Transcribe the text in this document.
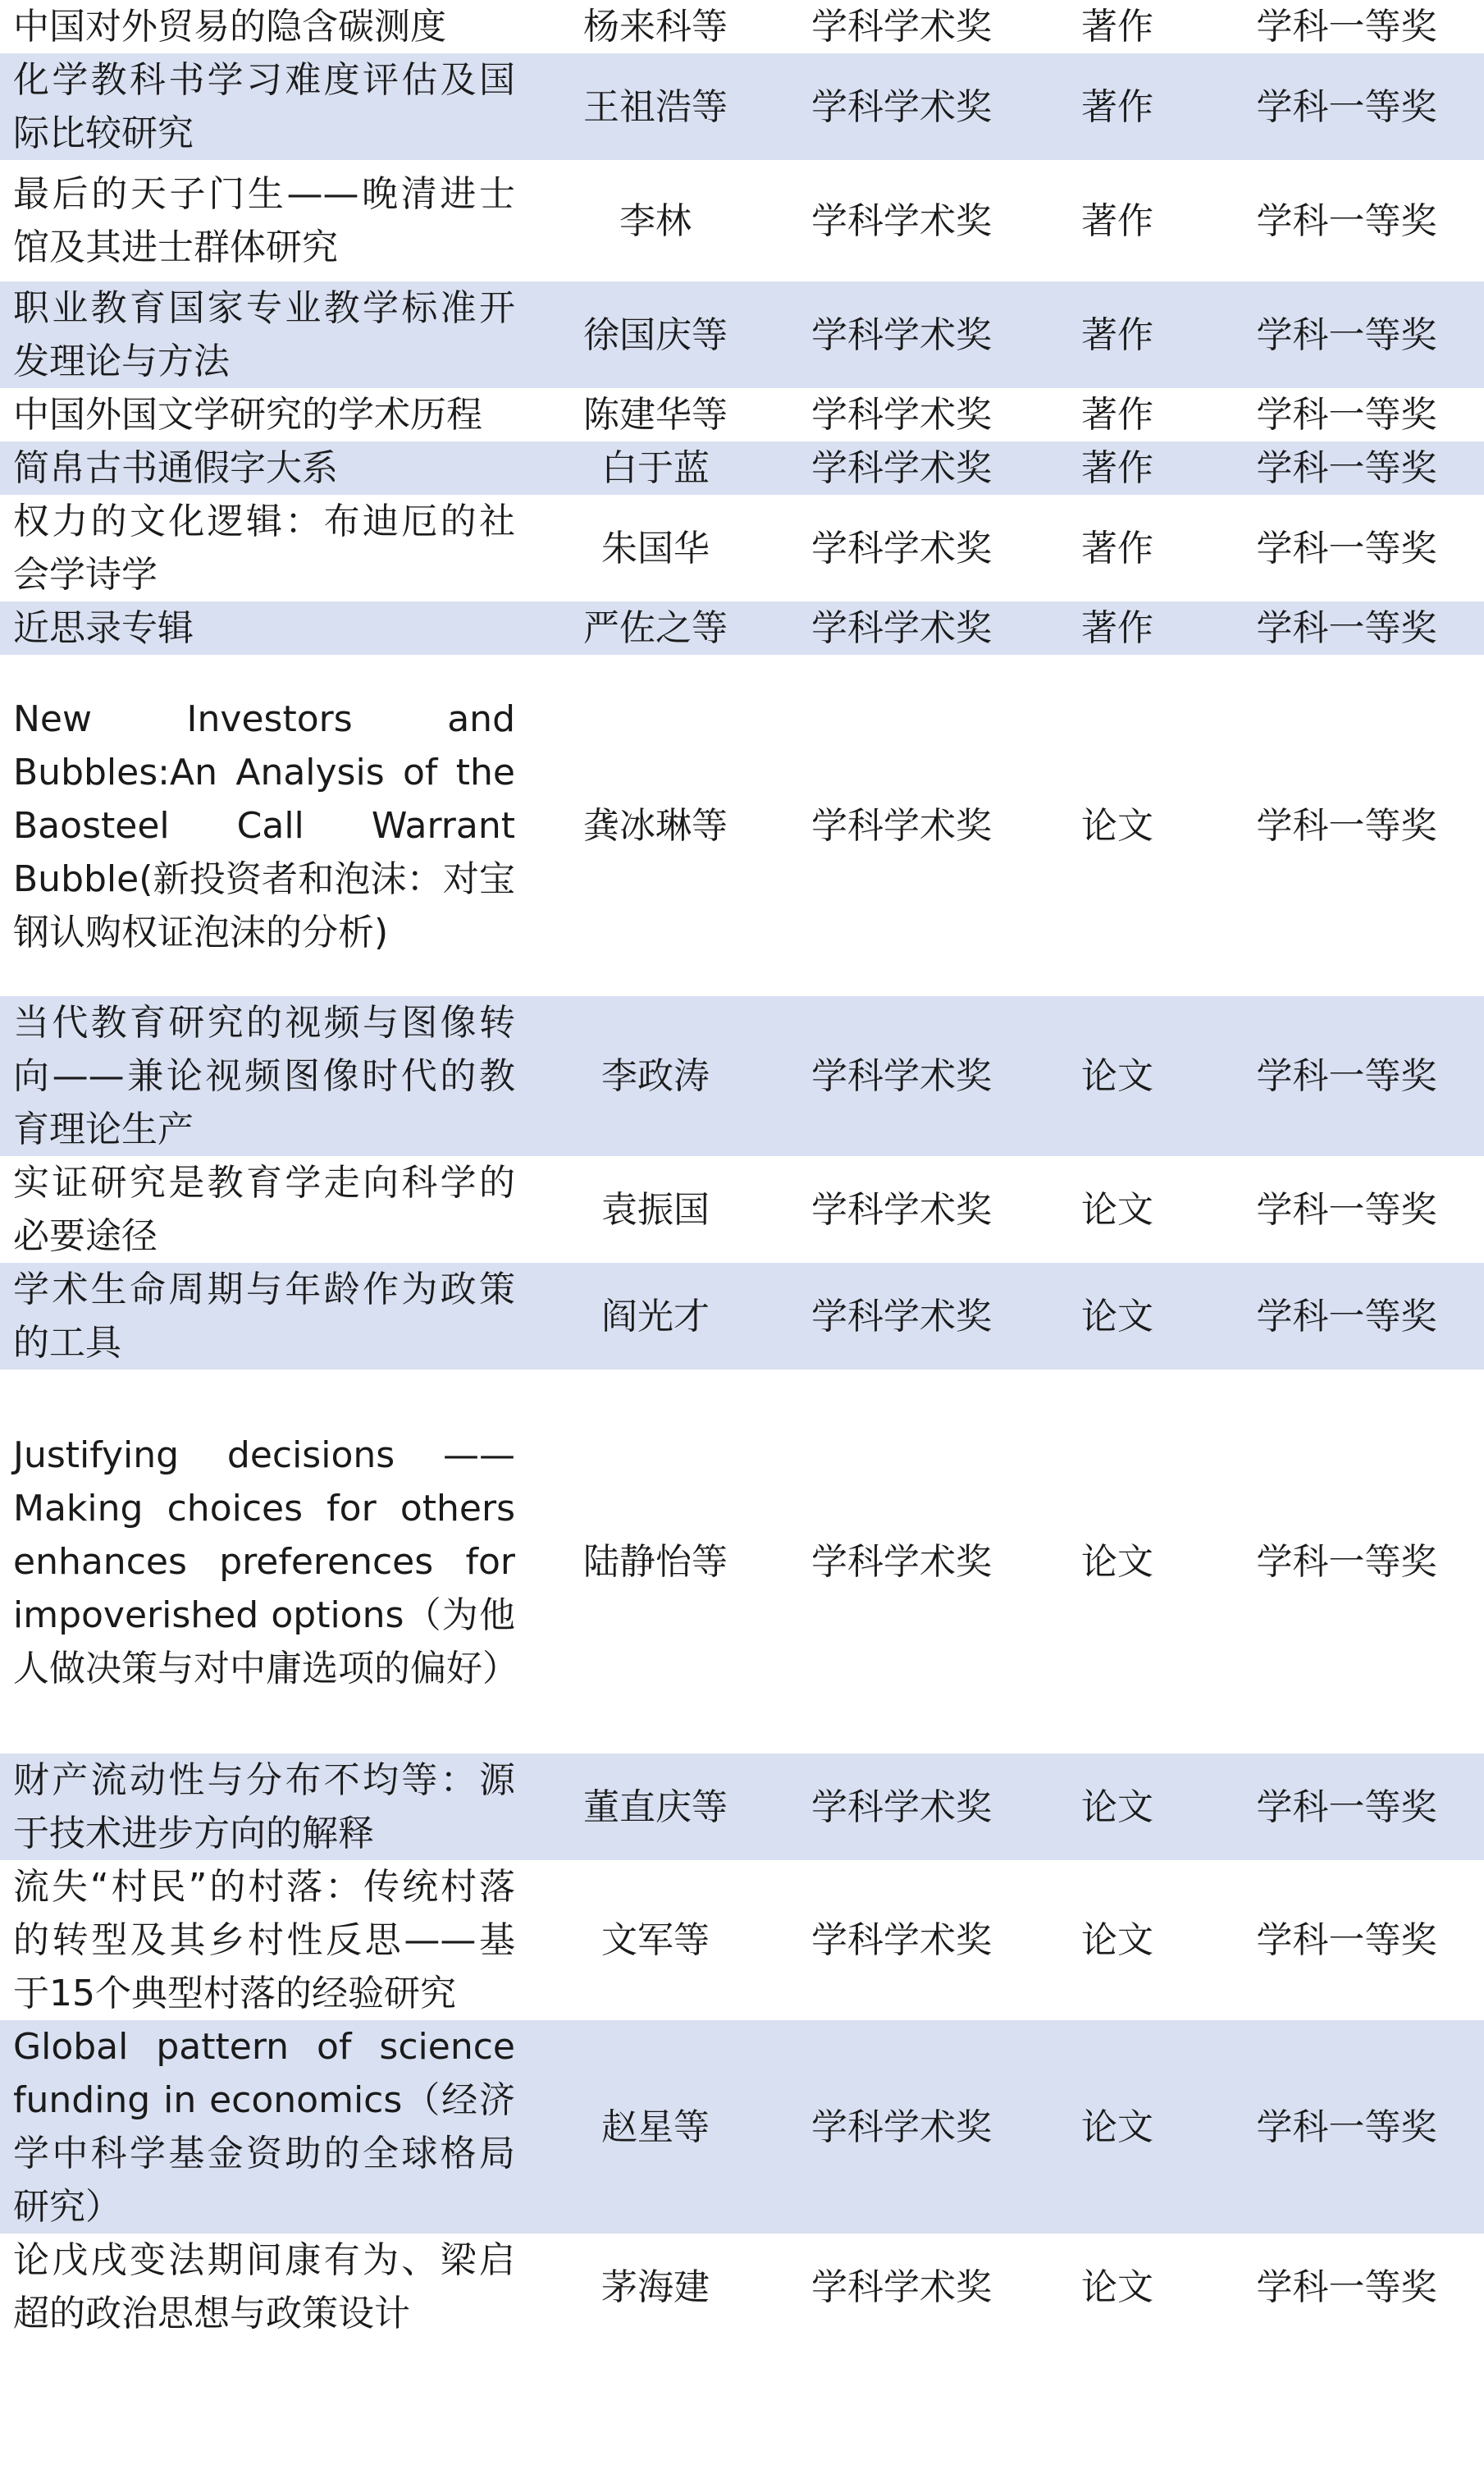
中国对外贸易的隐含碳测度	杨来科等	学科学术奖	著作	学科一等奖
化学教科书学习难度评估及国际比较研究	王祖浩等	学科学术奖	著作	学科一等奖
最后的天子门生——晚清进士馆及其进士群体研究	李林	学科学术奖	著作	学科一等奖
职业教育国家专业教学标准开发理论与方法	徐国庆等	学科学术奖	著作	学科一等奖
中国外国文学研究的学术历程	陈建华等	学科学术奖	著作	学科一等奖
简帛古书通假字大系	白于蓝	学科学术奖	著作	学科一等奖
权力的文化逻辑：布迪厄的社会学诗学	朱国华	学科学术奖	著作	学科一等奖
近思录专辑	严佐之等	学科学术奖	著作	学科一等奖
New Investors and Bubbles:An Analysis of the Baosteel Call Warrant Bubble(新投资者和泡沫：对宝钢认购权证泡沫的分析)	龚冰琳等	学科学术奖	论文	学科一等奖
当代教育研究的视频与图像转向——兼论视频图像时代的教育理论生产	李政涛	学科学术奖	论文	学科一等奖
实证研究是教育学走向科学的必要途径	袁振国	学科学术奖	论文	学科一等奖
学术生命周期与年龄作为政策的工具	阎光才	学科学术奖	论文	学科一等奖
Justifying decisions —— Making choices for others enhances preferences for impoverished options（为他人做决策与对中庸选项的偏好）	陆静怡等	学科学术奖	论文	学科一等奖
财产流动性与分布不均等：源于技术进步方向的解释	董直庆等	学科学术奖	论文	学科一等奖
流失“村民”的村落：传统村落的转型及其乡村性反思——基于15个典型村落的经验研究	文军等	学科学术奖	论文	学科一等奖
Global pattern of science funding in economics（经济学中科学基金资助的全球格局研究）	赵星等	学科学术奖	论文	学科一等奖
论戊戌变法期间康有为、梁启超的政治思想与政策设计	茅海建	学科学术奖	论文	学科一等奖
